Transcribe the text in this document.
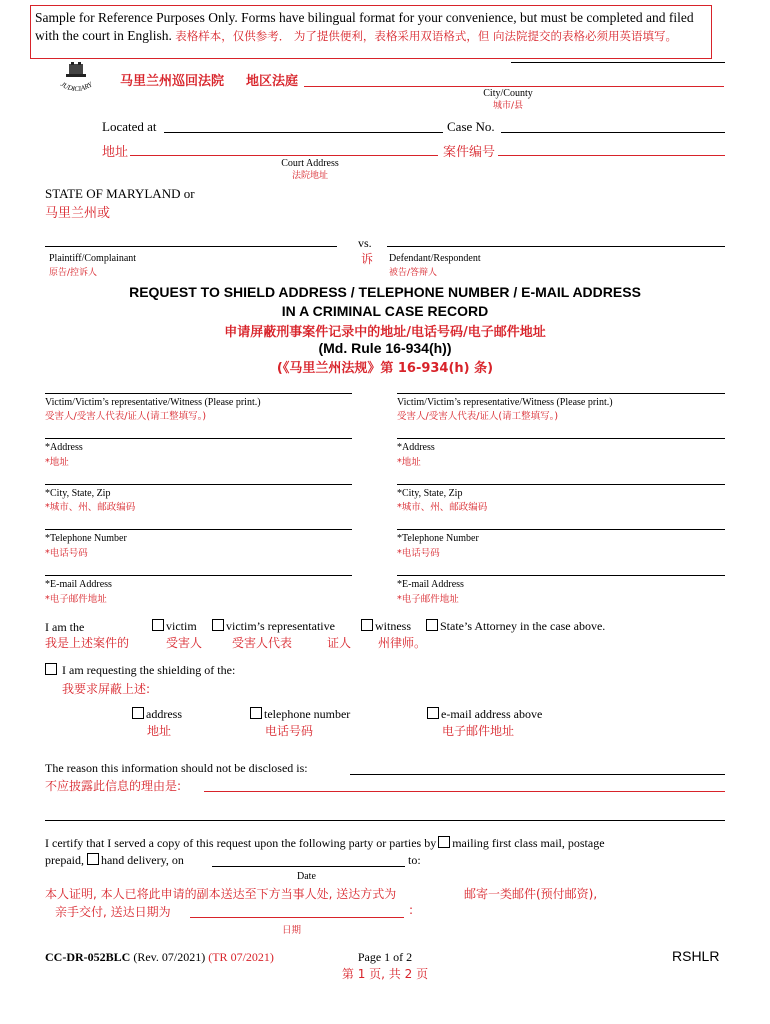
Sample for Reference Purposes Only. Forms have bilingual format for your convenience, but must be completed and filed with the court in English. 表格样本，仅供参考． 为了提供便利，表格采用双语格式，但 向法院提交的表格必须用英语填写。
JUDICIARY 马里兰州巡回法院 地区法庭
City/County
城市/县
Located at	Case No.
地址	案件编号
Court Address
法院地址
STATE OF MARYLAND or
马里兰州或
vs.
诉
Plaintiff/Complainant
原告/控诉人
Defendant/Respondent
被告/答辩人
REQUEST TO SHIELD ADDRESS / TELEPHONE NUMBER / E-MAIL ADDRESS
IN A CRIMINAL CASE RECORD
申请屏蔽刑事案件记录中的地址/电话号码/电子邮件地址
(Md. Rule 16-934(h))
(《马里兰州法规》第 16-934(h) 条)
Victim/Victim’s representative/Witness (Please print.)
受害人/受害人代表/证人(请工整填写。)
*Address
*地址
*City, State, Zip
*城市、州、邮政编码
*Telephone Number
*电话号码
*E-mail Address
*电子邮件地址
Victim/Victim’s representative/Witness (Please print.)
受害人/受害人代表/证人(请工整填写。)
*Address
*地址
*City, State, Zip
*城市、州、邮政编码
*Telephone Number
*电话号码
*E-mail Address
*电子邮件地址
I am the
我是上述案件的
victim
受害人
victim’s representative
受害人代表
witness
证人
State’s Attorney in the case above.
州律师。
I am requesting the shielding of the:
我要求屏蔽上述:
address
地址
telephone number
电话号码
e-mail address above
电子邮件地址
The reason this information should not be disclosed is:
不应披露此信息的理由是:
I certify that I served a copy of this request upon the following party or parties by mailing first class mail, postage
prepaid, hand delivery, on	to:
Date
本人证明, 本人已将此申请的副本送达至下方当事人处, 送达方式为	邮寄一类邮件(预付邮资),
亲手交付, 送达日期为	:
日期
CC-DR-052BLC (Rev. 07/2021) (TR 07/2021)	Page 1 of 2
第 1 页, 共 2 页
RSHLR
